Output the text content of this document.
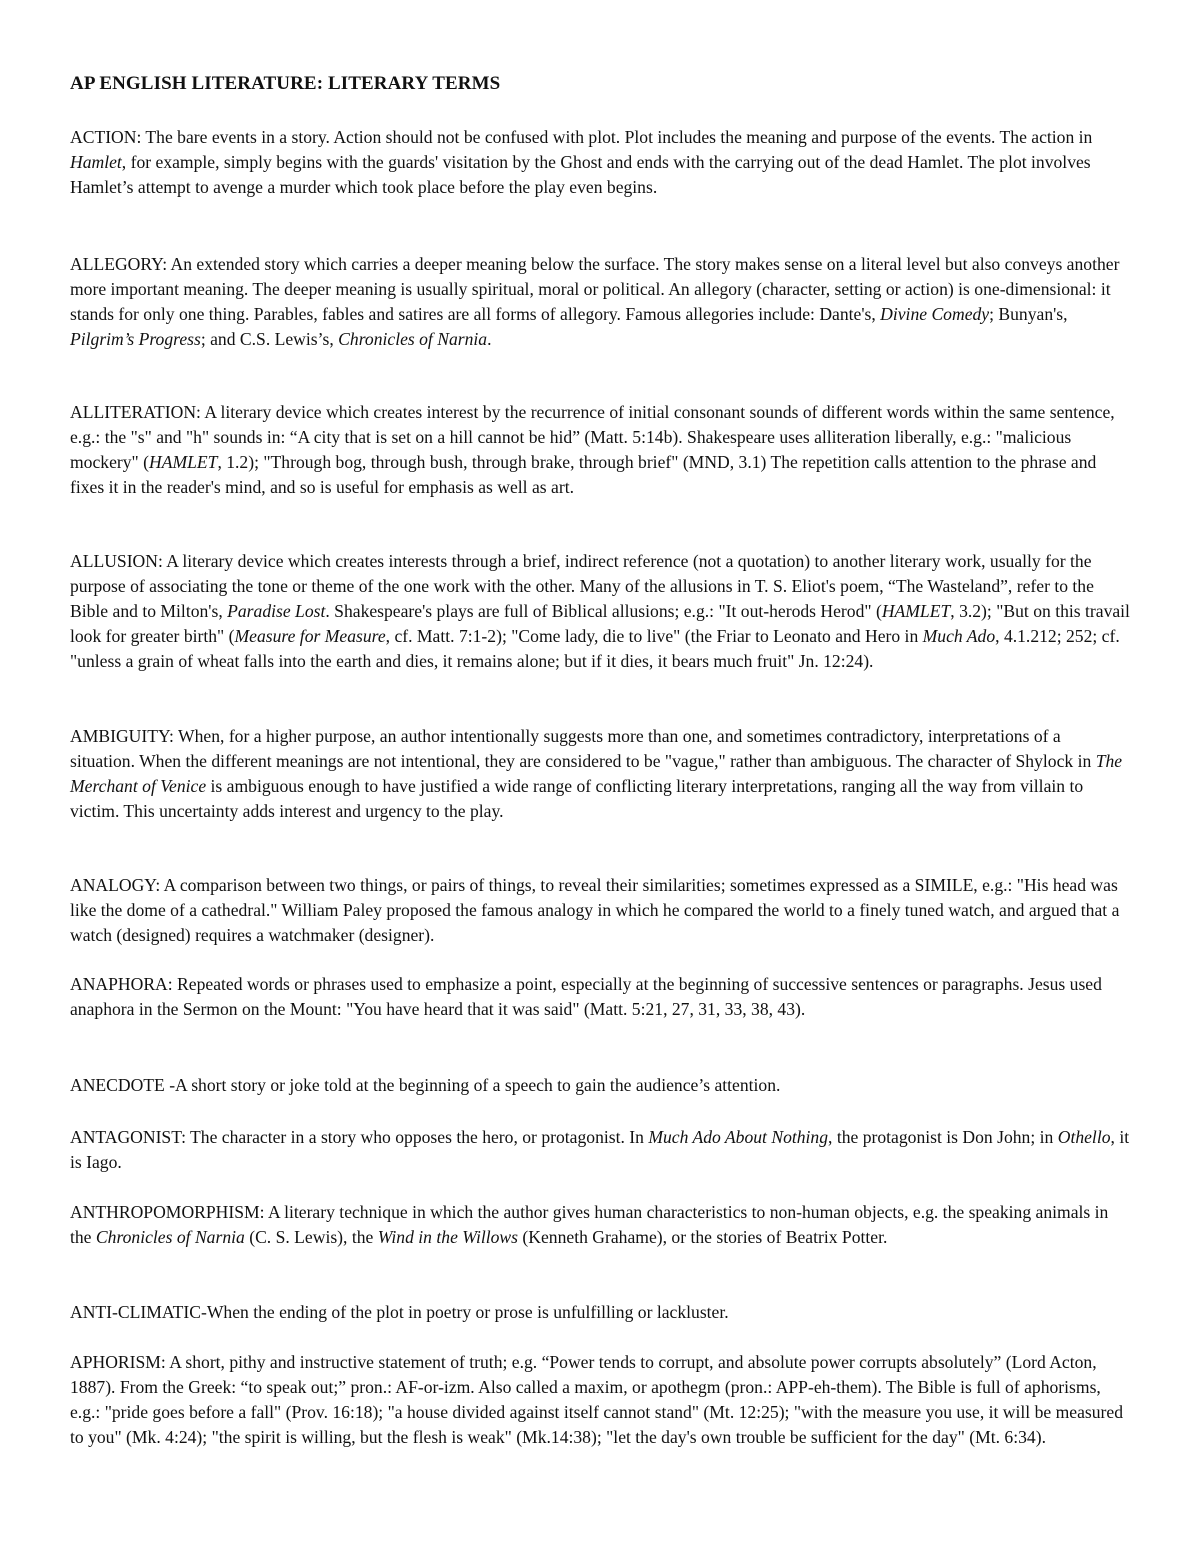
AP ENGLISH LITERATURE: LITERARY TERMS

ACTION: The bare events in a story. Action should not be confused with plot. Plot includes the meaning and purpose of the events. The action in Hamlet, for example, simply begins with the guards' visitation by the Ghost and ends with the carrying out of the dead Hamlet. The plot involves Hamlet’s attempt to avenge a murder which took place before the play even begins.

ALLEGORY: An extended story which carries a deeper meaning below the surface. The story makes sense on a literal level but also conveys another more important meaning. The deeper meaning is usually spiritual, moral or political. An allegory (character, setting or action) is one-dimensional: it stands for only one thing. Parables, fables and satires are all forms of allegory. Famous allegories include: Dante's, Divine Comedy; Bunyan's, Pilgrim’s Progress; and C.S. Lewis’s, Chronicles of Narnia.

ALLITERATION: A literary device which creates interest by the recurrence of initial consonant sounds of different words within the same sentence, e.g.: the "s" and "h" sounds in: “A city that is set on a hill cannot be hid” (Matt. 5:14b). Shakespeare uses alliteration liberally, e.g.: "malicious mockery" (HAMLET, 1.2); "Through bog, through bush, through brake, through brief" (MND, 3.1) The repetition calls attention to the phrase and fixes it in the reader's mind, and so is useful for emphasis as well as art.

ALLUSION: A literary device which creates interests through a brief, indirect reference (not a quotation) to another literary work, usually for the purpose of associating the tone or theme of the one work with the other. Many of the allusions in T. S. Eliot's poem, “The Wasteland”, refer to the Bible and to Milton's, Paradise Lost. Shakespeare's plays are full of Biblical allusions; e.g.: "It out-herods Herod" (HAMLET, 3.2); "But on this travail look for greater birth" (Measure for Measure, cf. Matt. 7:1-2); "Come lady, die to live" (the Friar to Leonato and Hero in Much Ado, 4.1.212; 252; cf. "unless a grain of wheat falls into the earth and dies, it remains alone; but if it dies, it bears much fruit" Jn. 12:24).

AMBIGUITY: When, for a higher purpose, an author intentionally suggests more than one, and sometimes contradictory, interpretations of a situation. When the different meanings are not intentional, they are considered to be "vague," rather than ambiguous. The character of Shylock in The Merchant of Venice is ambiguous enough to have justified a wide range of conflicting literary interpretations, ranging all the way from villain to victim. This uncertainty adds interest and urgency to the play.

ANALOGY: A comparison between two things, or pairs of things, to reveal their similarities; sometimes expressed as a SIMILE, e.g.: "His head was like the dome of a cathedral." William Paley proposed the famous analogy in which he compared the world to a finely tuned watch, and argued that a watch (designed) requires a watchmaker (designer).

ANAPHORA: Repeated words or phrases used to emphasize a point, especially at the beginning of successive sentences or paragraphs. Jesus used anaphora in the Sermon on the Mount: "You have heard that it was said" (Matt. 5:21, 27, 31, 33, 38, 43).

ANECDOTE -A short story or joke told at the beginning of a speech to gain the audience’s attention.

ANTAGONIST: The character in a story who opposes the hero, or protagonist. In Much Ado About Nothing, the protagonist is Don John; in Othello, it is Iago.

ANTHROPOMORPHISM: A literary technique in which the author gives human characteristics to non-human objects, e.g. the speaking animals in the Chronicles of Narnia (C. S. Lewis), the Wind in the Willows (Kenneth Grahame), or the stories of Beatrix Potter.

ANTI-CLIMATIC-When the ending of the plot in poetry or prose is unfulfilling or lackluster.

APHORISM: A short, pithy and instructive statement of truth; e.g. “Power tends to corrupt, and absolute power corrupts absolutely” (Lord Acton, 1887). From the Greek: “to speak out;” pron.: AF-or-izm. Also called a maxim, or apothegm (pron.: APP-eh-them). The Bible is full of aphorisms, e.g.: "pride goes before a fall" (Prov. 16:18); "a house divided against itself cannot stand" (Mt. 12:25); "with the measure you use, it will be measured to you" (Mk. 4:24); "the spirit is willing, but the flesh is weak" (Mk.14:38); "let the day's own trouble be sufficient for the day" (Mt. 6:34).
